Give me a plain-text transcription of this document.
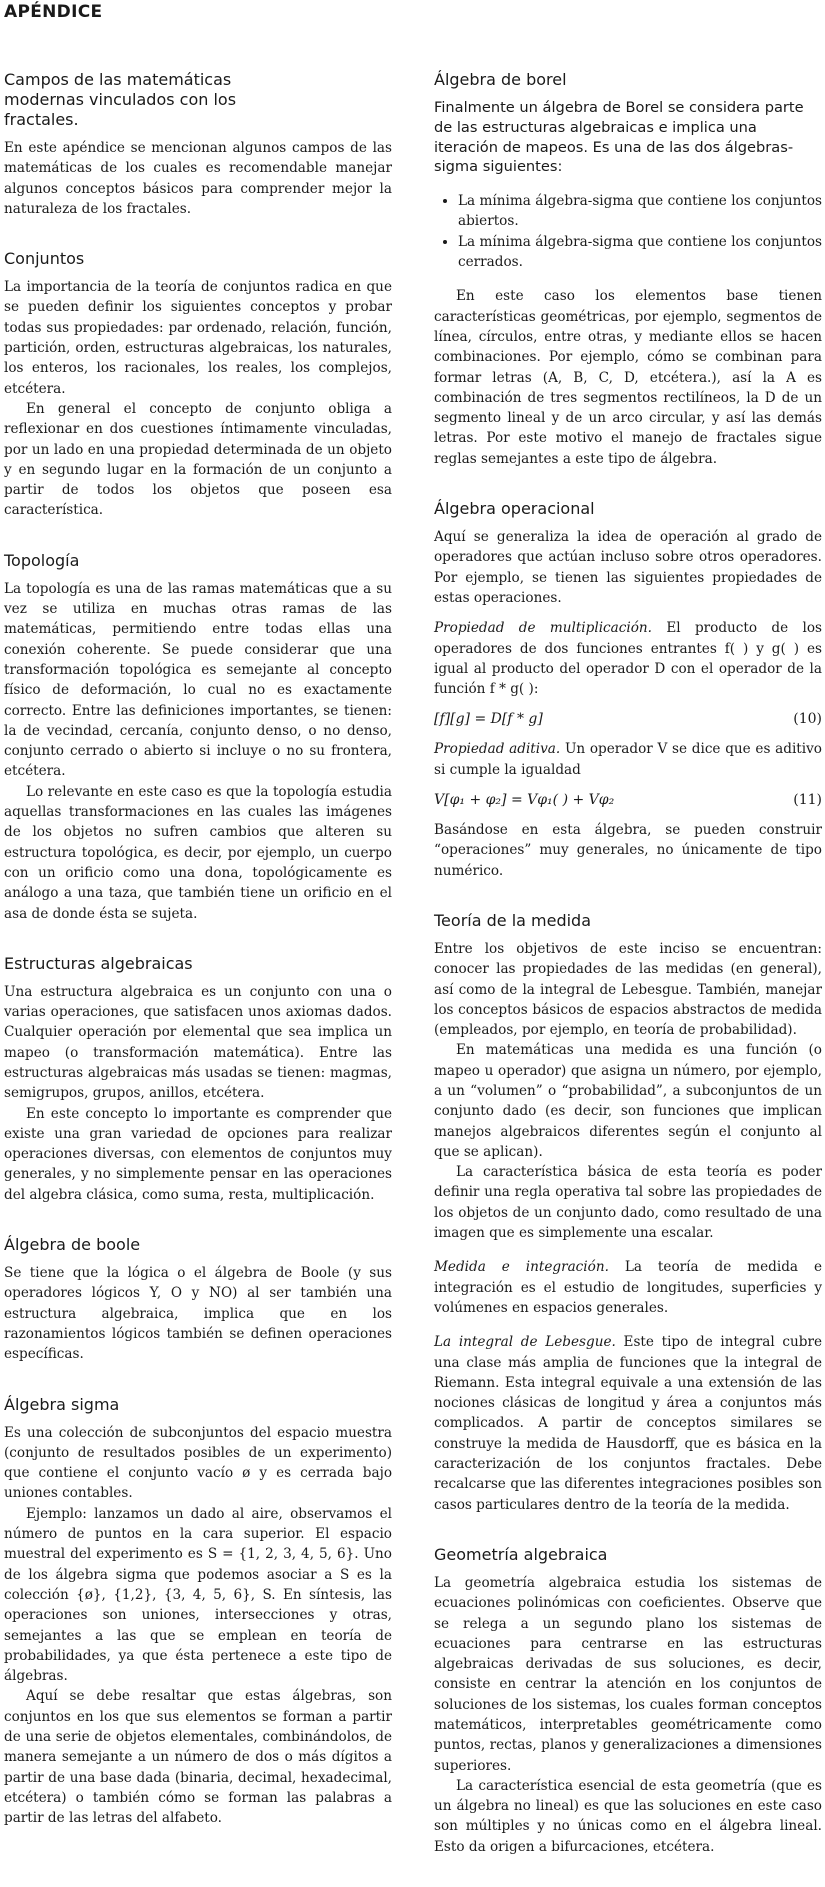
APÉNDICE
Campos de las matemáticas modernas vinculados con los fractales.

En este apéndice se mencionan algunos campos de las matemáticas de los cuales es recomendable manejar algunos conceptos básicos para comprender mejor la naturaleza de los fractales.

Conjuntos

La importancia de la teoría de conjuntos radica en que se pueden definir los siguientes conceptos y probar todas sus propiedades: par ordenado, relación, función, partición, orden, estructuras algebraicas, los naturales, los enteros, los racionales, los reales, los complejos, etcétera.

En general el concepto de conjunto obliga a reflexionar en dos cuestiones íntimamente vinculadas, por un lado en una propiedad determinada de un objeto y en segundo lugar en la formación de un conjunto a partir de todos los objetos que poseen esa característica.

Topología

La topología es una de las ramas matemáticas que a su vez se utiliza en muchas otras ramas de las matemáticas, permitiendo entre todas ellas una conexión coherente. Se puede considerar que una transformación topológica es semejante al concepto físico de deformación, lo cual no es exactamente correcto. Entre las definiciones importantes, se tienen: la de vecindad, cercanía, conjunto denso, o no denso, conjunto cerrado o abierto si incluye o no su frontera, etcétera.

Lo relevante en este caso es que la topología estudia aquellas transformaciones en las cuales las imágenes de los objetos no sufren cambios que alteren su estructura topológica, es decir, por ejemplo, un cuerpo con un orificio como una dona, topológicamente es análogo a una taza, que también tiene un orificio en el asa de donde ésta se sujeta.

Estructuras algebraicas

Una estructura algebraica es un conjunto con una o varias operaciones, que satisfacen unos axiomas dados. Cualquier operación por elemental que sea implica un mapeo (o transformación matemática). Entre las estructuras algebraicas más usadas se tienen: magmas, semigrupos, grupos, anillos, etcétera.

En este concepto lo importante es comprender que existe una gran variedad de opciones para realizar operaciones diversas, con elementos de conjuntos muy generales, y no simplemente pensar en las operaciones del algebra clásica, como suma, resta, multiplicación.

Álgebra de boole

Se tiene que la lógica o el álgebra de Boole (y sus operadores lógicos Y, O y NO) al ser también una estructura algebraica, implica que en los razonamientos lógicos también se definen operaciones específicas.

Álgebra sigma

Es una colección de subconjuntos del espacio muestra (conjunto de resultados posibles de un experimento) que contiene el conjunto vacío ø y es cerrada bajo uniones contables.

Ejemplo: lanzamos un dado al aire, observamos el número de puntos en la cara superior. El espacio muestral del experimento es S = {1, 2, 3, 4, 5, 6}. Uno de los álgebra sigma que podemos asociar a S es la colección {ø}, {1,2}, {3, 4, 5, 6}, S. En síntesis, las operaciones son uniones, intersecciones y otras, semejantes a las que se emplean en teoría de probabilidades, ya que ésta pertenece a este tipo de álgebras.

Aquí se debe resaltar que estas álgebras, son conjuntos en los que sus elementos se forman a partir de una serie de objetos elementales, combinándolos, de manera semejante a un número de dos o más dígitos a partir de una base dada (binaria, decimal, hexadecimal, etcétera) o también cómo se forman las palabras a partir de las letras del alfabeto.

Álgebra de borel
Finalmente un álgebra de Borel se considera parte de las estructuras algebraicas e implica una iteración de mapeos. Es una de las dos álgebras-sigma siguientes:
• La mínima álgebra-sigma que contiene los conjuntos abiertos.
• La mínima álgebra-sigma que contiene los conjuntos cerrados.

En este caso los elementos base tienen características geométricas, por ejemplo, segmentos de línea, círculos, entre otras, y mediante ellos se hacen combinaciones. Por ejemplo, cómo se combinan para formar letras (A, B, C, D, etcétera.), así la A es combinación de tres segmentos rectilíneos, la D de un segmento lineal y de un arco circular, y así las demás letras. Por este motivo el manejo de fractales sigue reglas semejantes a este tipo de álgebra.

Álgebra operacional

Aquí se generaliza la idea de operación al grado de operadores que actúan incluso sobre otros operadores. Por ejemplo, se tienen las siguientes propiedades de estas operaciones.

Propiedad de multiplicación. El producto de los operadores de dos funciones entrantes f( ) y g( ) es igual al producto del operador D con el operador de la función f * g( ):

[f][g] = D[f * g]	(10)

Propiedad aditiva. Un operador V se dice que es aditivo si cumple la igualdad

V[φ₁ + φ₂] = Vφ₁( ) + Vφ₂	(11)

Basándose en esta álgebra, se pueden construir “operaciones” muy generales, no únicamente de tipo numérico.

Teoría de la medida

Entre los objetivos de este inciso se encuentran: conocer las propiedades de las medidas (en general), así como de la integral de Lebesgue. También, manejar los conceptos básicos de espacios abstractos de medida (empleados, por ejemplo, en teoría de probabilidad).

En matemáticas una medida es una función (o mapeo u operador) que asigna un número, por ejemplo, a un “volumen” o “probabilidad”, a subconjuntos de un conjunto dado (es decir, son funciones que implican manejos algebraicos diferentes según el conjunto al que se aplican).

La característica básica de esta teoría es poder definir una regla operativa tal sobre las propiedades de los objetos de un conjunto dado, como resultado de una imagen que es simplemente una escalar.

Medida e integración. La teoría de medida e integración es el estudio de longitudes, superficies y volúmenes en espacios generales.

La integral de Lebesgue. Este tipo de integral cubre una clase más amplia de funciones que la integral de Riemann. Esta integral equivale a una extensión de las nociones clásicas de longitud y área a conjuntos más complicados. A partir de conceptos similares se construye la medida de Hausdorff, que es básica en la caracterización de los conjuntos fractales. Debe recalcarse que las diferentes integraciones posibles son casos particulares dentro de la teoría de la medida.

Geometría algebraica

La geometría algebraica estudia los sistemas de ecuaciones polinómicas con coeficientes. Observe que se relega a un segundo plano los sistemas de ecuaciones para centrarse en las estructuras algebraicas derivadas de sus soluciones, es decir, consiste en centrar la atención en los conjuntos de soluciones de los sistemas, los cuales forman conceptos matemáticos, interpretables geométricamente como puntos, rectas, planos y generalizaciones a dimensiones superiores.

La característica esencial de esta geometría (que es un álgebra no lineal) es que las soluciones en este caso son múltiples y no únicas como en el álgebra lineal. Esto da origen a bifurcaciones, etcétera.
